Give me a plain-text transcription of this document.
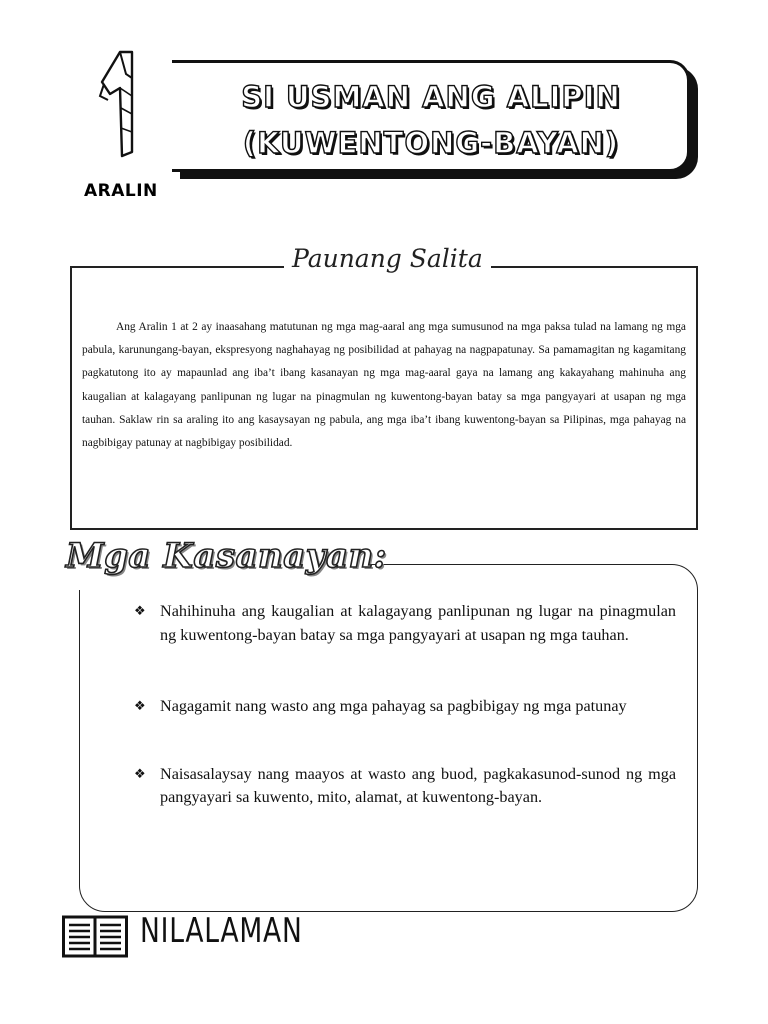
ARALIN
SI USMAN ANG ALIPIN
(KUWENTONG-BAYAN)
Paunang Salita

Ang Aralin 1 at 2 ay inaasahang matutunan ng mga mag-aaral ang mga sumusunod na mga paksa tulad na lamang ng mga pabula, karunungang-bayan, ekspresyong naghahayag ng posibilidad at pahayag na nagpapatunay. Sa pamamagitan ng kagamitang pagkatutong ito ay mapaunlad ang iba’t ibang kasanayan ng mga mag-aaral gaya na lamang ang kakayahang mahinuha ang kaugalian at kalagayang panlipunan ng lugar na pinagmulan ng kuwentong-bayan batay sa mga pangyayari at usapan ng mga tauhan. Saklaw rin sa araling ito ang kasaysayan ng pabula, ang mga iba’t ibang kuwentong-bayan sa Pilipinas, mga pahayag na nagbibigay patunay at nagbibigay posibilidad.

Mga Kasanayan:
❖ Nahihinuha ang kaugalian at kalagayang panlipunan ng lugar na pinagmulan ng kuwentong-bayan batay sa mga pangyayari at usapan ng mga tauhan.
❖ Nagagamit nang wasto ang mga pahayag sa pagbibigay ng mga patunay
❖ Naisasalaysay nang maayos at wasto ang buod, pagkakasunod-sunod ng mga pangyayari sa kuwento, mito, alamat, at kuwentong-bayan.
NILALAMAN
